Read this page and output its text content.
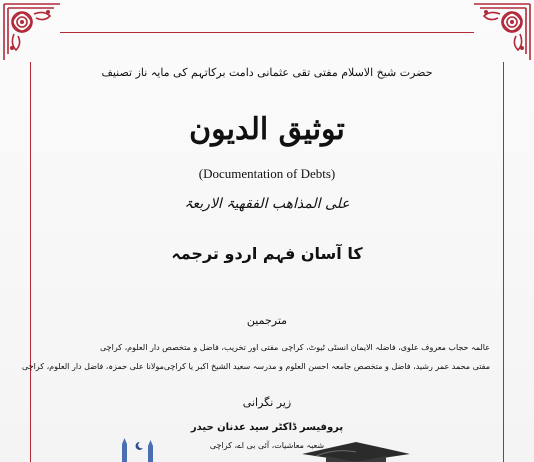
حضرت شیخ الاسلام مفتی تقی عثمانی دامت برکاتہم کی مایہ ناز تصنیف
توثیق الدیون
(Documentation of Debts)
علی المذاھب الفقھیۃ الاربعۃ
کا آسان فہم اردو ترجمہ
مترجمین
عالمہ حجاب معروف علوی، فاضلہ الایمان انسٹی ٹیوٹ، کراچی
مفتی اور تخریب، فاضل و متخصص دار العلوم، کراچی
مفتی محمد عمر رشید، فاضل و متخصص جامعہ احسن العلوم و مدرسہ سعید الشیخ اکبر یا کراچی
مولانا علی حمزہ، فاضل دار العلوم، کراچی
زیر نگرانی
پروفیسر ڈاکٹر سید عدنان حیدر
شعبہ معاشیات، آئی بی اے، کراچی
